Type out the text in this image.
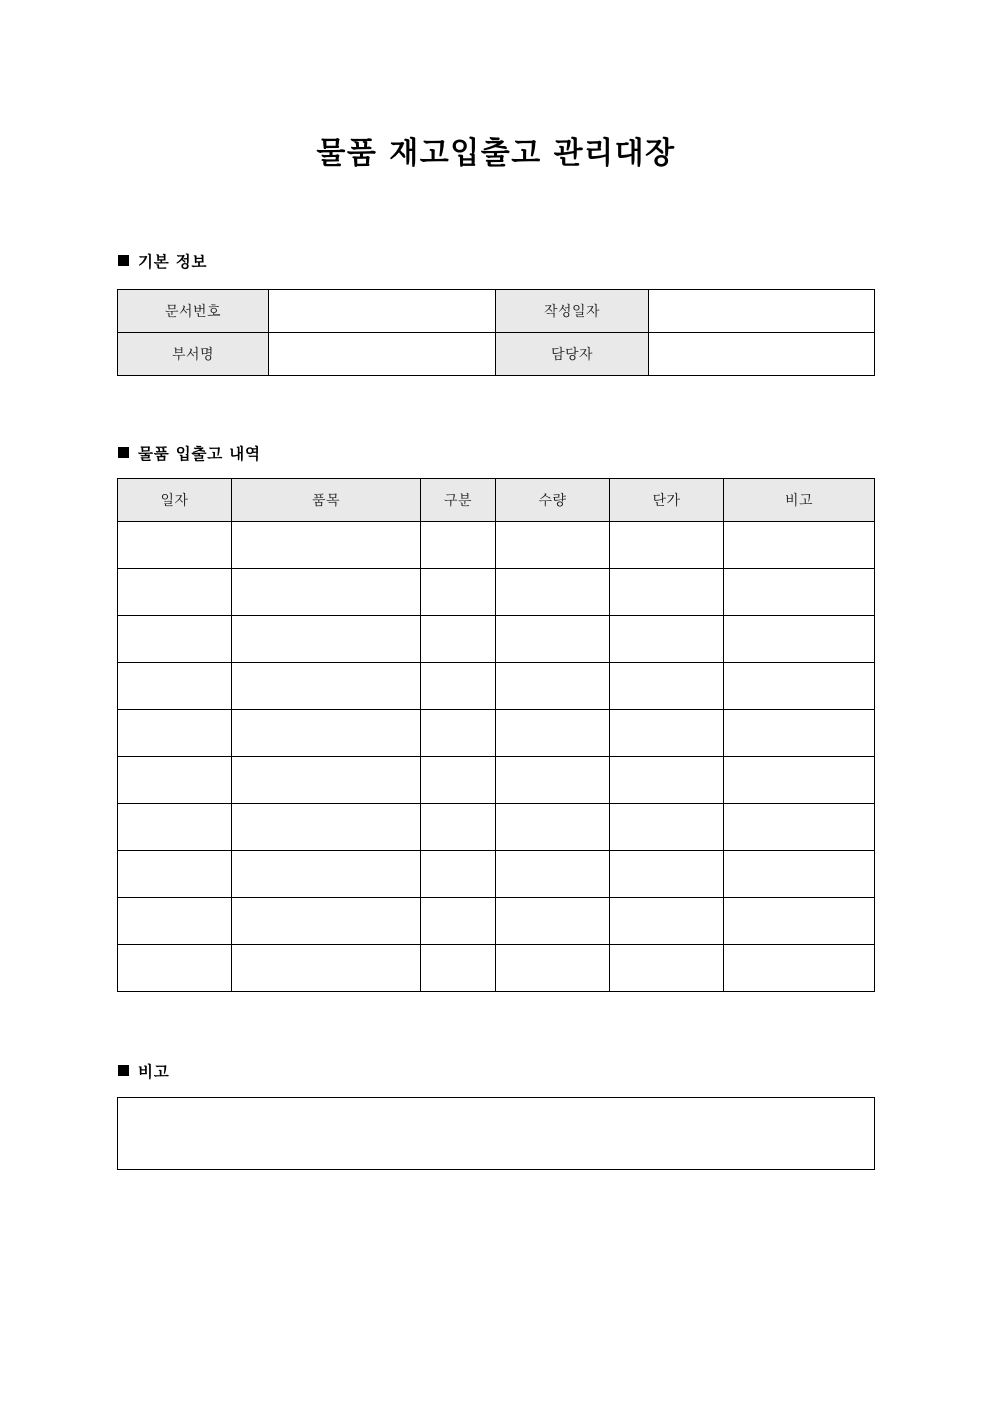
물품 재고입출고 관리대장
기본 정보
문서번호		작성일자	
부서명		담당자	
물품 입출고 내역
일자	품목	구분	수량	단가	비고

비고
